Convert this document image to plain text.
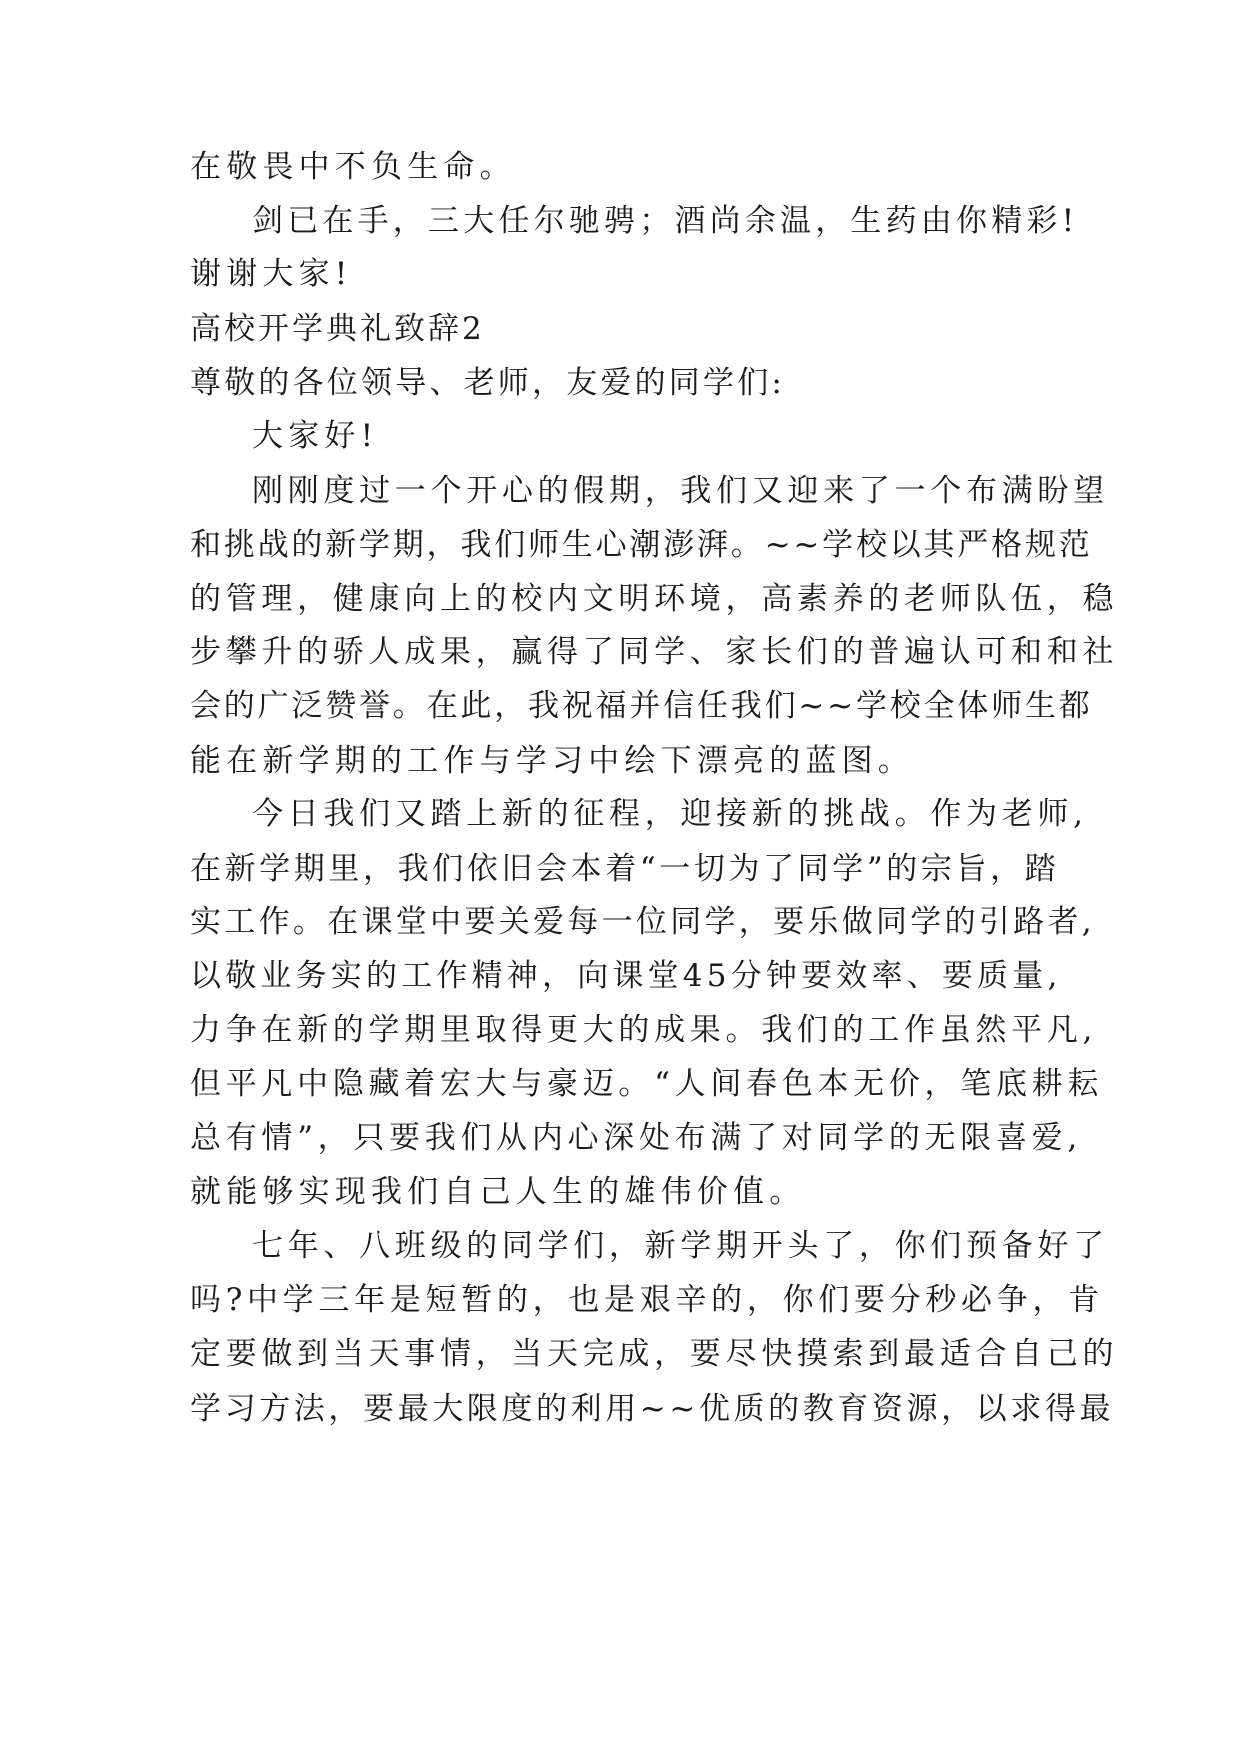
在敬畏中不负生命。

剑已在手，三大任尔驰骋；酒尚余温，生药由你精彩!

谢谢大家!

高校开学典礼致辞2

尊敬的各位领导、老师，友爱的同学们:

大家好!

刚刚度过一个开心的假期，我们又迎来了一个布满盼望

和挑战的新学期，我们师生心潮澎湃。~~学校以其严格规范

的管理，健康向上的校内文明环境，高素养的老师队伍，稳

步攀升的骄人成果，赢得了同学、家长们的普遍认可和和社

会的广泛赞誉。在此，我祝福并信任我们~~学校全体师生都

能在新学期的工作与学习中绘下漂亮的蓝图。

今日我们又踏上新的征程，迎接新的挑战。作为老师,

在新学期里，我们依旧会本着“一切为了同学”的宗旨，踏

实工作。在课堂中要关爱每一位同学，要乐做同学的引路者,

以敬业务实的工作精神，向课堂45分钟要效率、要质量,

力争在新的学期里取得更大的成果。我们的工作虽然平凡,

但平凡中隐藏着宏大与豪迈。“人间春色本无价，笔底耕耘

总有情”，只要我们从内心深处布满了对同学的无限喜爱,

就能够实现我们自己人生的雄伟价值。

七年、八班级的同学们，新学期开头了，你们预备好了

吗?中学三年是短暂的，也是艰辛的，你们要分秒必争，肯

定要做到当天事情，当天完成，要尽快摸索到最适合自己的

学习方法，要最大限度的利用~~优质的教育资源，以求得最
